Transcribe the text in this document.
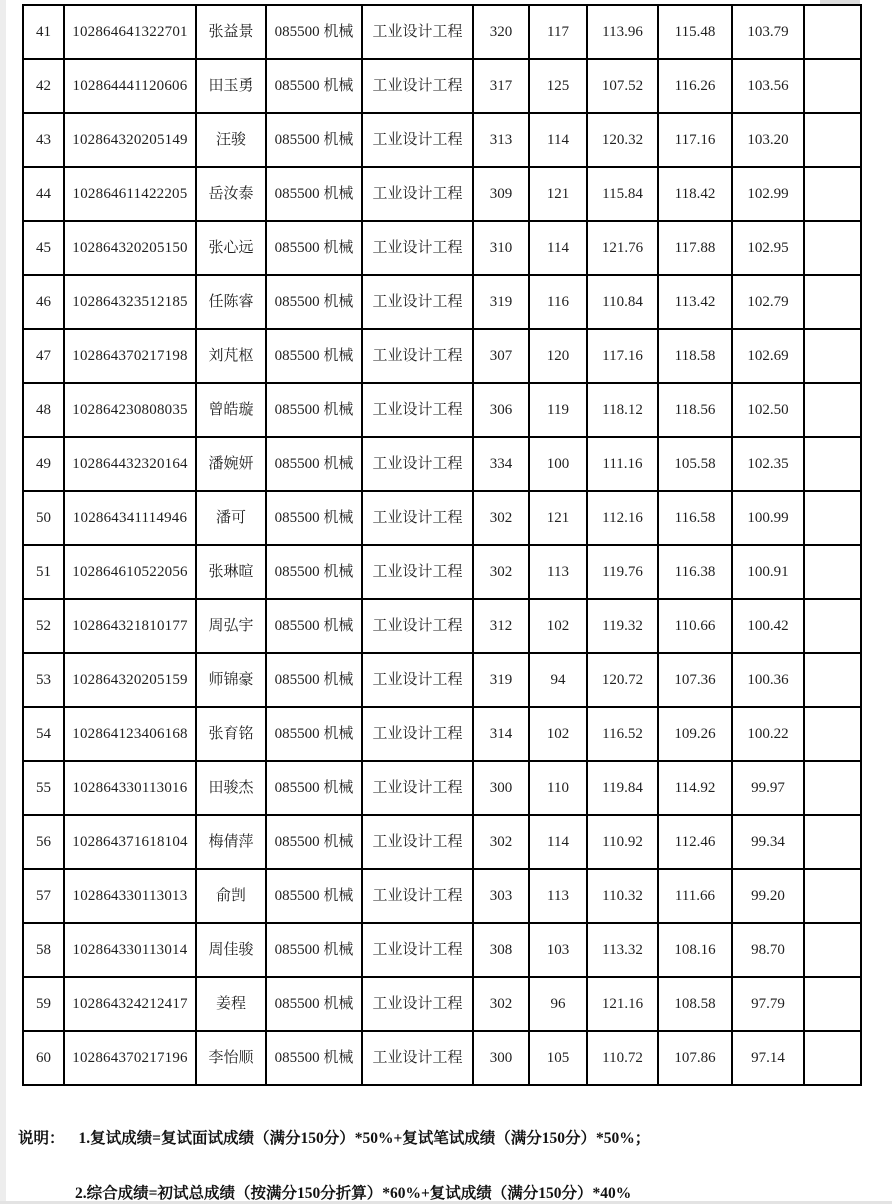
41	102864641322701	张益景	085500 机械	工业设计工程	320	117	113.96	115.48	103.79	
42	102864441120606	田玉勇	085500 机械	工业设计工程	317	125	107.52	116.26	103.56	
43	102864320205149	汪骏	085500 机械	工业设计工程	313	114	120.32	117.16	103.20	
44	102864611422205	岳汝泰	085500 机械	工业设计工程	309	121	115.84	118.42	102.99	
45	102864320205150	张心远	085500 机械	工业设计工程	310	114	121.76	117.88	102.95	
46	102864323512185	任陈睿	085500 机械	工业设计工程	319	116	110.84	113.42	102.79	
47	102864370217198	刘芃枢	085500 机械	工业设计工程	307	120	117.16	118.58	102.69	
48	102864230808035	曾皓璇	085500 机械	工业设计工程	306	119	118.12	118.56	102.50	
49	102864432320164	潘婉妍	085500 机械	工业设计工程	334	100	111.16	105.58	102.35	
50	102864341114946	潘可	085500 机械	工业设计工程	302	121	112.16	116.58	100.99	
51	102864610522056	张琳暄	085500 机械	工业设计工程	302	113	119.76	116.38	100.91	
52	102864321810177	周弘宇	085500 机械	工业设计工程	312	102	119.32	110.66	100.42	
53	102864320205159	师锦豪	085500 机械	工业设计工程	319	94	120.72	107.36	100.36	
54	102864123406168	张育铭	085500 机械	工业设计工程	314	102	116.52	109.26	100.22	
55	102864330113016	田骏杰	085500 机械	工业设计工程	300	110	119.84	114.92	99.97	
56	102864371618104	梅倩萍	085500 机械	工业设计工程	302	114	110.92	112.46	99.34	
57	102864330113013	俞剀	085500 机械	工业设计工程	303	113	110.32	111.66	99.20	
58	102864330113014	周佳骏	085500 机械	工业设计工程	308	103	113.32	108.16	98.70	
59	102864324212417	姜程	085500 机械	工业设计工程	302	96	121.16	108.58	97.79	
60	102864370217196	李怡顺	085500 机械	工业设计工程	300	105	110.72	107.86	97.14	
说明： 1.复试成绩=复试面试成绩（满分150分）*50%+复试笔试成绩（满分150分）*50%；
2.综合成绩=初试总成绩（按满分150分折算）*60%+复试成绩（满分150分）*40%
